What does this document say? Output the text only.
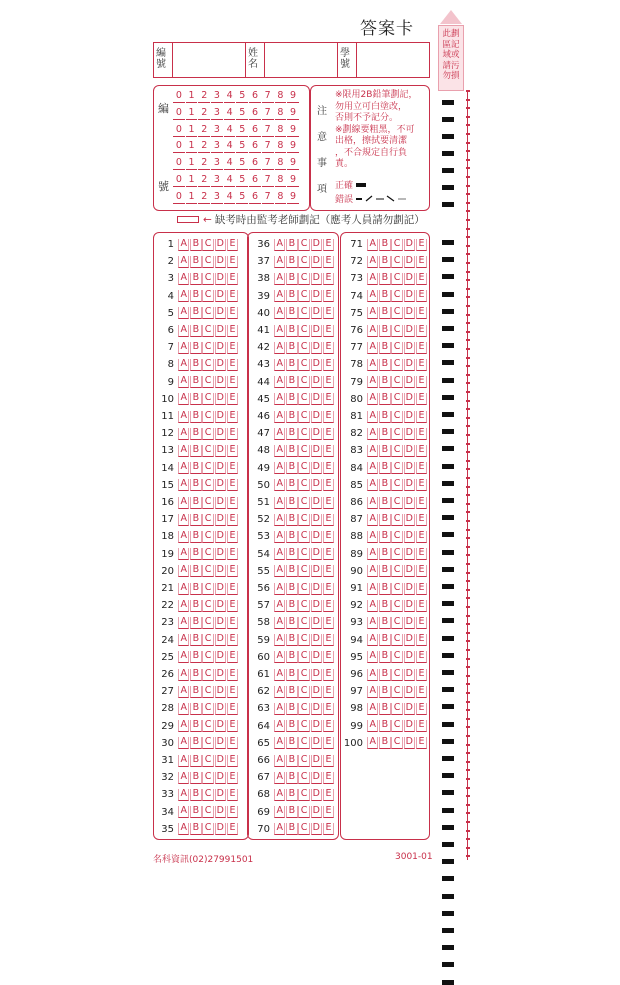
答案卡	此劃
區記
域或
請污
勿損
編號
姓名
學號
編
號
0 1 2 3 4 5 6 7 8 9
0 1 2 3 4 5 6 7 8 9
0 1 2 3 4 5 6 7 8 9
0 1 2 3 4 5 6 7 8 9
0 1 2 3 4 5 6 7 8 9
0 1 2 3 4 5 6 7 8 9
0 1 2 3 4 5 6 7 8 9
※限用2B鉛筆劃記，
勿用立可白塗改，
否則不予記分。
※劃線要粗黑，不可
出格，擦拭要清潔
，不合規定自行負
責。
正確
錯誤
注
意
事
項
← 缺考時由監考老師劃記（應考人員請勿劃記）
1 A B C D E
2 A B C D E
3 A B C D E
4 A B C D E
5 A B C D E
6 A B C D E
7 A B C D E
8 A B C D E
9 A B C D E
10 A B C D E
11 A B C D E
12 A B C D E
13 A B C D E
14 A B C D E
15 A B C D E
16 A B C D E
17 A B C D E
18 A B C D E
19 A B C D E
20 A B C D E
21 A B C D E
22 A B C D E
23 A B C D E
24 A B C D E
25 A B C D E
26 A B C D E
27 A B C D E
28 A B C D E
29 A B C D E
30 A B C D E
31 A B C D E
32 A B C D E
33 A B C D E
34 A B C D E
35 A B C D E
36 A B C D E
37 A B C D E
38 A B C D E
39 A B C D E
40 A B C D E
41 A B C D E
42 A B C D E
43 A B C D E
44 A B C D E
45 A B C D E
46 A B C D E
47 A B C D E
48 A B C D E
49 A B C D E
50 A B C D E
51 A B C D E
52 A B C D E
53 A B C D E
54 A B C D E
55 A B C D E
56 A B C D E
57 A B C D E
58 A B C D E
59 A B C D E
60 A B C D E
61 A B C D E
62 A B C D E
63 A B C D E
64 A B C D E
65 A B C D E
66 A B C D E
67 A B C D E
68 A B C D E
69 A B C D E
70 A B C D E
71 A B C D E
72 A B C D E
73 A B C D E
74 A B C D E
75 A B C D E
76 A B C D E
77 A B C D E
78 A B C D E
79 A B C D E
80 A B C D E
81 A B C D E
82 A B C D E
83 A B C D E
84 A B C D E
85 A B C D E
86 A B C D E
87 A B C D E
88 A B C D E
89 A B C D E
90 A B C D E
91 A B C D E
92 A B C D E
93 A B C D E
94 A B C D E
95 A B C D E
96 A B C D E
97 A B C D E
98 A B C D E
99 A B C D E
100 A B C D E
名科資訊(02)27991501	3001-01
